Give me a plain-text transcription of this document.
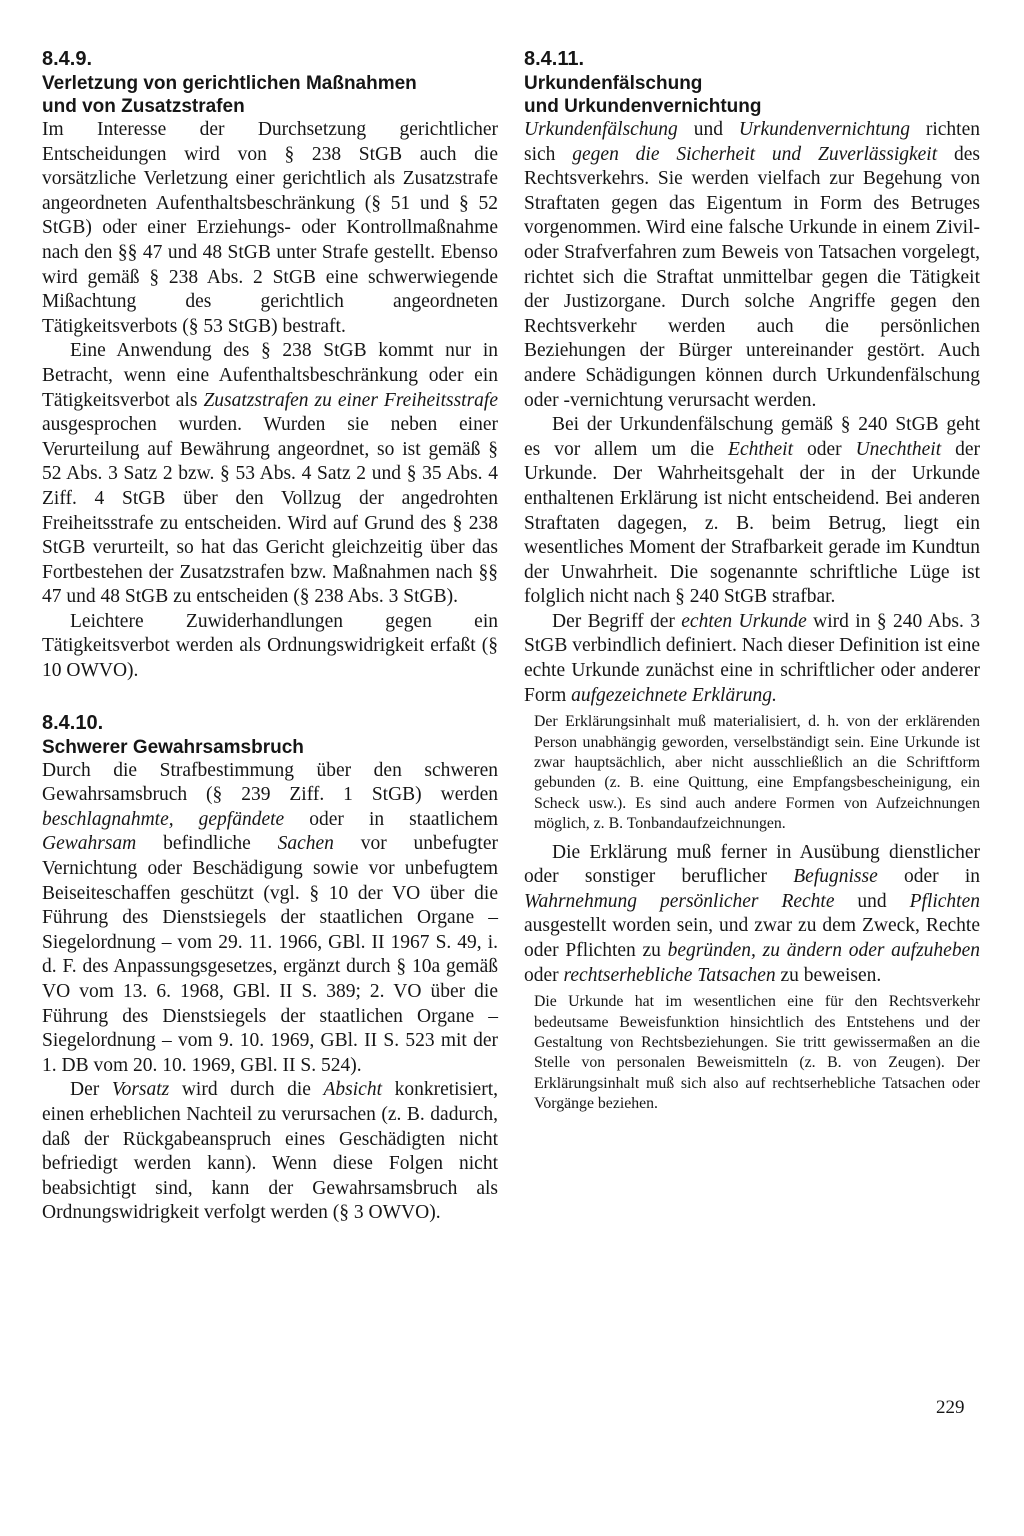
8.4.9.
Verletzung von gerichtlichen Maßnahmen
und von Zusatzstrafen

Im Interesse der Durchsetzung gerichtlicher Entscheidungen wird von § 238 StGB auch die vorsätzliche Verletzung einer gerichtlich als Zusatzstrafe angeordneten Aufenthaltsbeschränkung (§ 51 und § 52 StGB) oder einer Erziehungs- oder Kontrollmaßnahme nach den §§ 47 und 48 StGB unter Strafe gestellt. Ebenso wird gemäß § 238 Abs. 2 StGB eine schwerwiegende Mißachtung des gerichtlich angeordneten Tätigkeitsverbots (§ 53 StGB) bestraft.

Eine Anwendung des § 238 StGB kommt nur in Betracht, wenn eine Aufenthaltsbeschränkung oder ein Tätigkeitsverbot als Zusatzstrafen zu einer Freiheitsstrafe ausgesprochen wurden. Wurden sie neben einer Verurteilung auf Bewährung angeordnet, so ist gemäß § 52 Abs. 3 Satz 2 bzw. § 53 Abs. 4 Satz 2 und § 35 Abs. 4 Ziff. 4 StGB über den Vollzug der angedrohten Freiheitsstrafe zu entscheiden. Wird auf Grund des § 238 StGB verurteilt, so hat das Gericht gleichzeitig über das Fortbestehen der Zusatzstrafen bzw. Maßnahmen nach §§ 47 und 48 StGB zu entscheiden (§ 238 Abs. 3 StGB).

Leichtere Zuwiderhandlungen gegen ein Tätigkeitsverbot werden als Ordnungswidrigkeit erfaßt (§ 10 OWVO).

8.4.10.
Schwerer Gewahrsamsbruch

Durch die Strafbestimmung über den schweren Gewahrsamsbruch (§ 239 Ziff. 1 StGB) werden beschlagnahmte, gepfändete oder in staatlichem Gewahrsam befindliche Sachen vor unbefugter Vernichtung oder Beschädigung sowie vor unbefugtem Beiseiteschaffen geschützt (vgl. § 10 der VO über die Führung des Dienstsiegels der staatlichen Organe – Siegelordnung – vom 29. 11. 1966, GBl. II 1967 S. 49, i. d. F. des Anpassungsgesetzes, ergänzt durch § 10a gemäß VO vom 13. 6. 1968, GBl. II S. 389; 2. VO über die Führung des Dienstsiegels der staatlichen Organe – Siegelordnung – vom 9. 10. 1969, GBl. II S. 523 mit der 1. DB vom 20. 10. 1969, GBl. II S. 524).

Der Vorsatz wird durch die Absicht konkretisiert, einen erheblichen Nachteil zu verursachen (z. B. dadurch, daß der Rückgabeanspruch eines Geschädigten nicht befriedigt werden kann). Wenn diese Folgen nicht beabsichtigt sind, kann der Gewahrsamsbruch als Ordnungswidrigkeit verfolgt werden (§ 3 OWVO).

8.4.11.
Urkundenfälschung
und Urkundenvernichtung

Urkundenfälschung und Urkundenvernichtung richten sich gegen die Sicherheit und Zuverlässigkeit des Rechtsverkehrs. Sie werden vielfach zur Begehung von Straftaten gegen das Eigentum in Form des Betruges vorgenommen. Wird eine falsche Urkunde in einem Zivil- oder Strafverfahren zum Beweis von Tatsachen vorgelegt, richtet sich die Straftat unmittelbar gegen die Tätigkeit der Justizorgane. Durch solche Angriffe gegen den Rechtsverkehr werden auch die persönlichen Beziehungen der Bürger untereinander gestört. Auch andere Schädigungen können durch Urkundenfälschung oder -vernichtung verursacht werden.

Bei der Urkundenfälschung gemäß § 240 StGB geht es vor allem um die Echtheit oder Unechtheit der Urkunde. Der Wahrheitsgehalt der in der Urkunde enthaltenen Erklärung ist nicht entscheidend. Bei anderen Straftaten dagegen, z. B. beim Betrug, liegt ein wesentliches Moment der Strafbarkeit gerade im Kundtun der Unwahrheit. Die sogenannte schriftliche Lüge ist folglich nicht nach § 240 StGB strafbar.

Der Begriff der echten Urkunde wird in § 240 Abs. 3 StGB verbindlich definiert. Nach dieser Definition ist eine echte Urkunde zunächst eine in schriftlicher oder anderer Form aufgezeichnete Erklärung.

Der Erklärungsinhalt muß materialisiert, d. h. von der erklärenden Person unabhängig geworden, verselbständigt sein. Eine Urkunde ist zwar hauptsächlich, aber nicht ausschließlich an die Schriftform gebunden (z. B. eine Quittung, eine Empfangsbescheinigung, ein Scheck usw.). Es sind auch andere Formen von Aufzeichnungen möglich, z. B. Tonbandaufzeichnungen.

Die Erklärung muß ferner in Ausübung dienstlicher oder sonstiger beruflicher Befugnisse oder in Wahrnehmung persönlicher Rechte und Pflichten ausgestellt worden sein, und zwar zu dem Zweck, Rechte oder Pflichten zu begründen, zu ändern oder aufzuheben oder rechtserhebliche Tatsachen zu beweisen.

Die Urkunde hat im wesentlichen eine für den Rechtsverkehr bedeutsame Beweisfunktion hinsichtlich des Entstehens und der Gestaltung von Rechtsbeziehungen. Sie tritt gewissermaßen an die Stelle von personalen Beweismitteln (z. B. von Zeugen). Der Erklärungsinhalt muß sich also auf rechtserhebliche Tatsachen oder Vorgänge beziehen.

229
